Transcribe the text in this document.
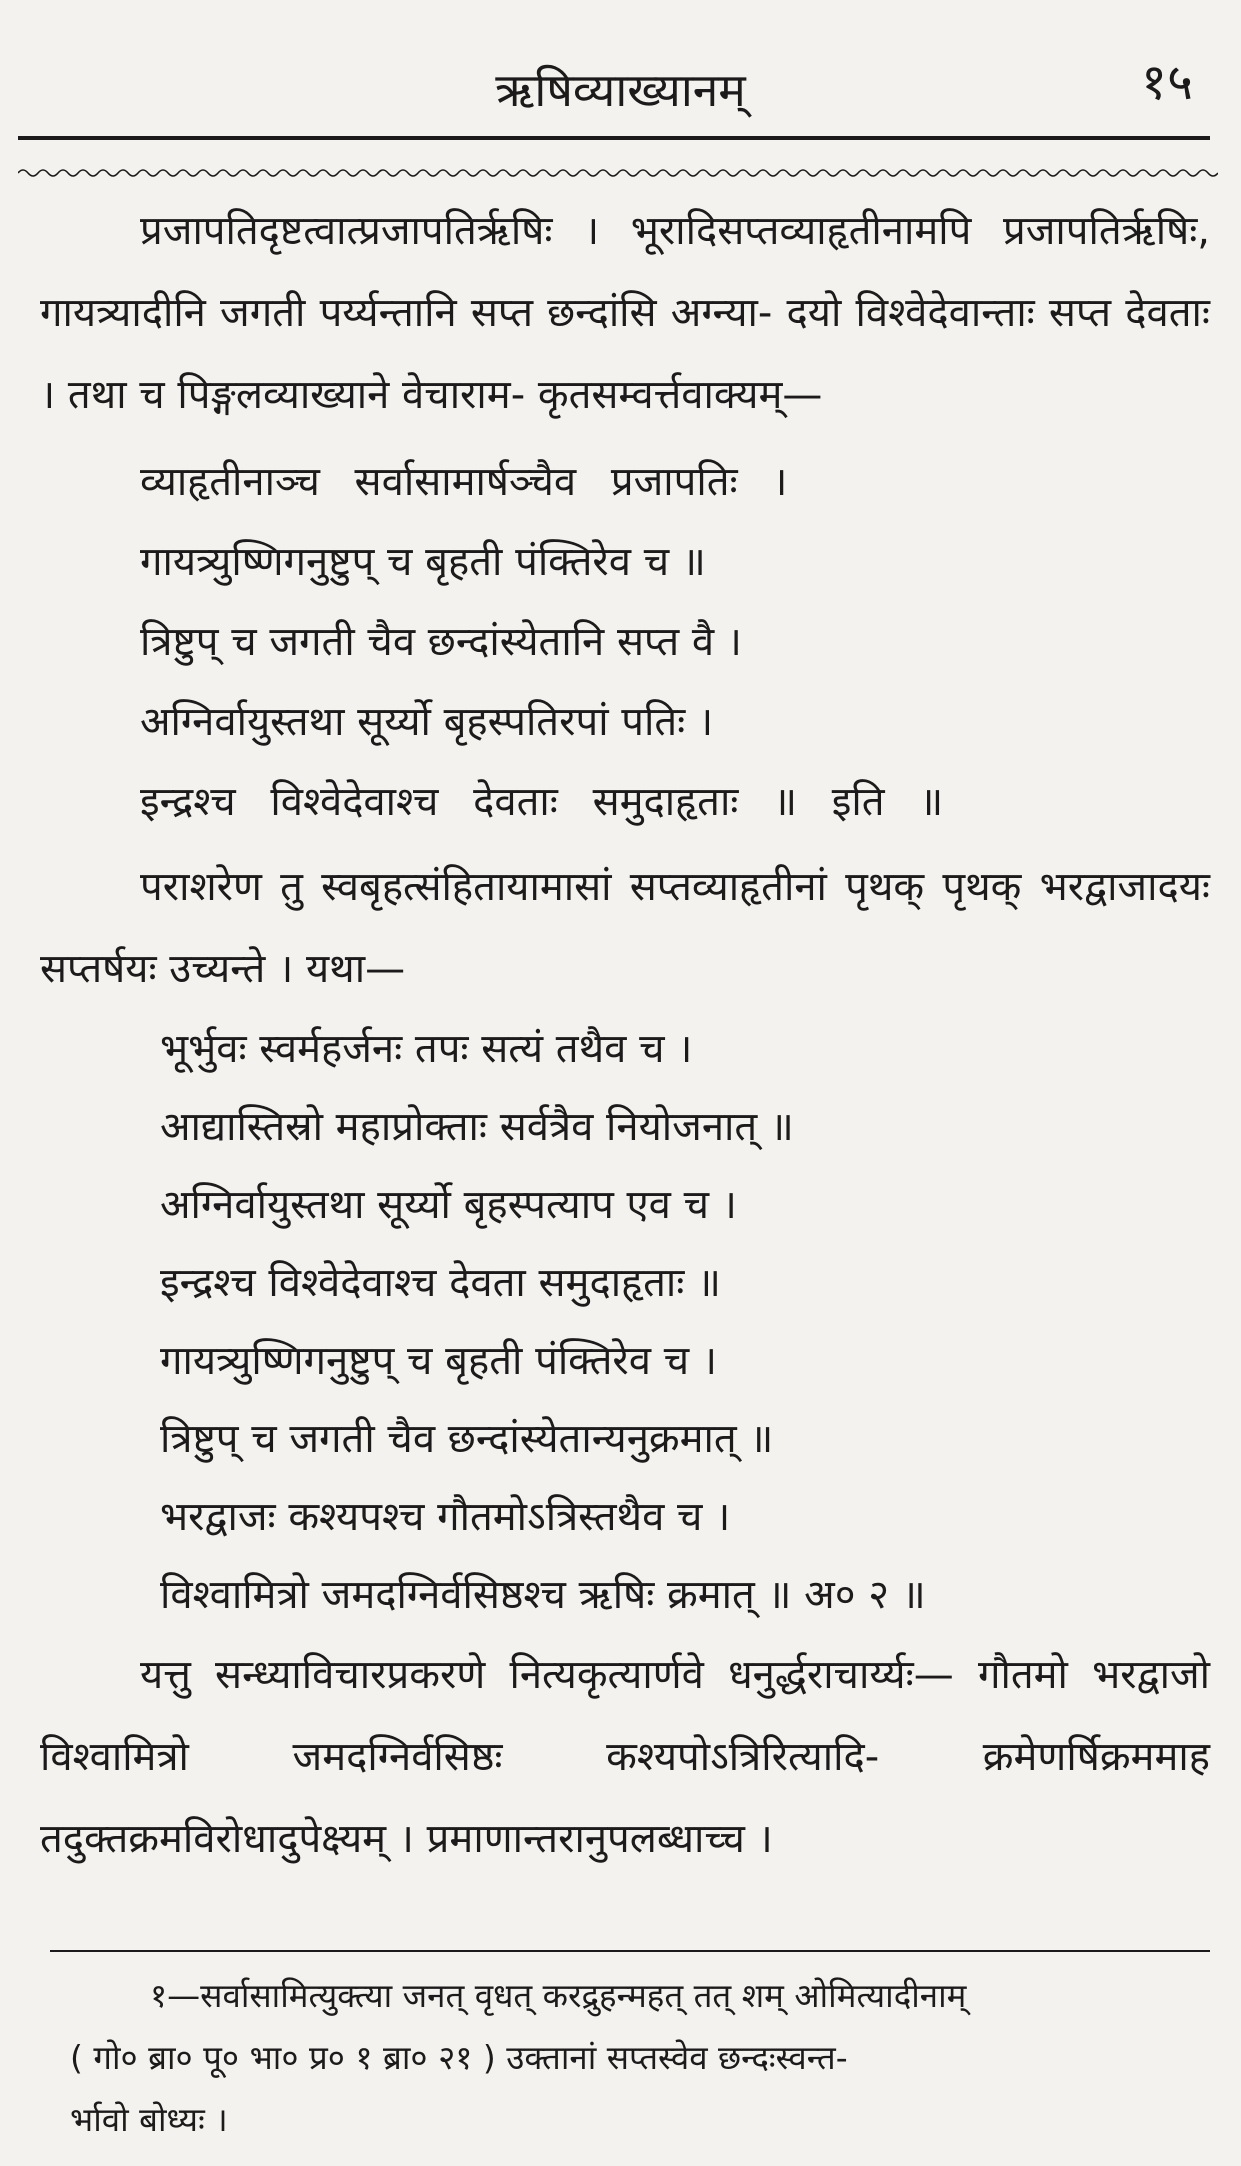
ऋषिव्याख्यानम्	१५

प्रजापतिदृष्टत्वात्प्रजापतिर्ऋषिः । भूरादिसप्तव्याहृतीनामपि प्रजापतिर्ऋषिः, गायत्र्यादीनि जगती पर्य्यन्तानि सप्त छन्दांसि अग्न्या- दयो विश्वेदेवान्ताः सप्त देवताः । तथा च पिङ्गलव्याख्याने वेचाराम- कृतसम्वर्त्तवाक्यम्—

व्याहृतीनाञ्च सर्वासामार्षञ्चैव प्रजापतिः ।

गायत्र्युष्णिगनुष्टुप् च बृहती पंक्तिरेव च ॥

त्रिष्टुप् च जगती चैव छन्दांस्येतानि सप्त वै ।

अग्निर्वायुस्तथा सूर्य्यो बृहस्पतिरपां पतिः ।

इन्द्रश्च विश्वेदेवाश्च देवताः समुदाहृताः ॥ इति ॥

पराशरेण तु स्वबृहत्संहितायामासां सप्तव्याहृतीनां पृथक् पृथक् भरद्वाजादयः सप्तर्षयः उच्यन्ते । यथा—

भूर्भुवः स्वर्महर्जनः तपः सत्यं तथैव च ।

आद्यास्तिस्रो महाप्रोक्ताः सर्वत्रैव नियोजनात् ॥

अग्निर्वायुस्तथा सूर्य्यो बृहस्पत्याप एव च ।

इन्द्रश्च विश्वेदेवाश्च देवता समुदाहृताः ॥

गायत्र्युष्णिगनुष्टुप् च बृहती पंक्तिरेव च ।

त्रिष्टुप् च जगती चैव छन्दांस्येतान्यनुक्रमात् ॥

भरद्वाजः कश्यपश्च गौतमोऽत्रिस्तथैव च ।

विश्वामित्रो जमदग्निर्वसिष्ठश्च ऋषिः क्रमात् ॥ अ० २ ॥

यत्तु सन्ध्याविचारप्रकरणे नित्यकृत्यार्णवे धनुर्द्धराचार्य्यः— गौतमो भरद्वाजो विश्वामित्रो जमदग्निर्वसिष्ठः कश्यपोऽत्रिरित्यादि-	क्रमेणर्षिक्रममाह तदुक्तक्रमविरोधादुपेक्ष्यम् । प्रमाणान्तरानुपलब्धाच्च ।

१—सर्वासामित्युक्त्या जनत् वृधत् करद्रुहन्महत् तत् शम् ओमित्यादीनाम्

( गो० ब्रा० पू० भा० प्र० १ ब्रा० २१ ) उक्तानां सप्तस्वेव छन्दःस्वन्त-

र्भावो बोध्यः ।
